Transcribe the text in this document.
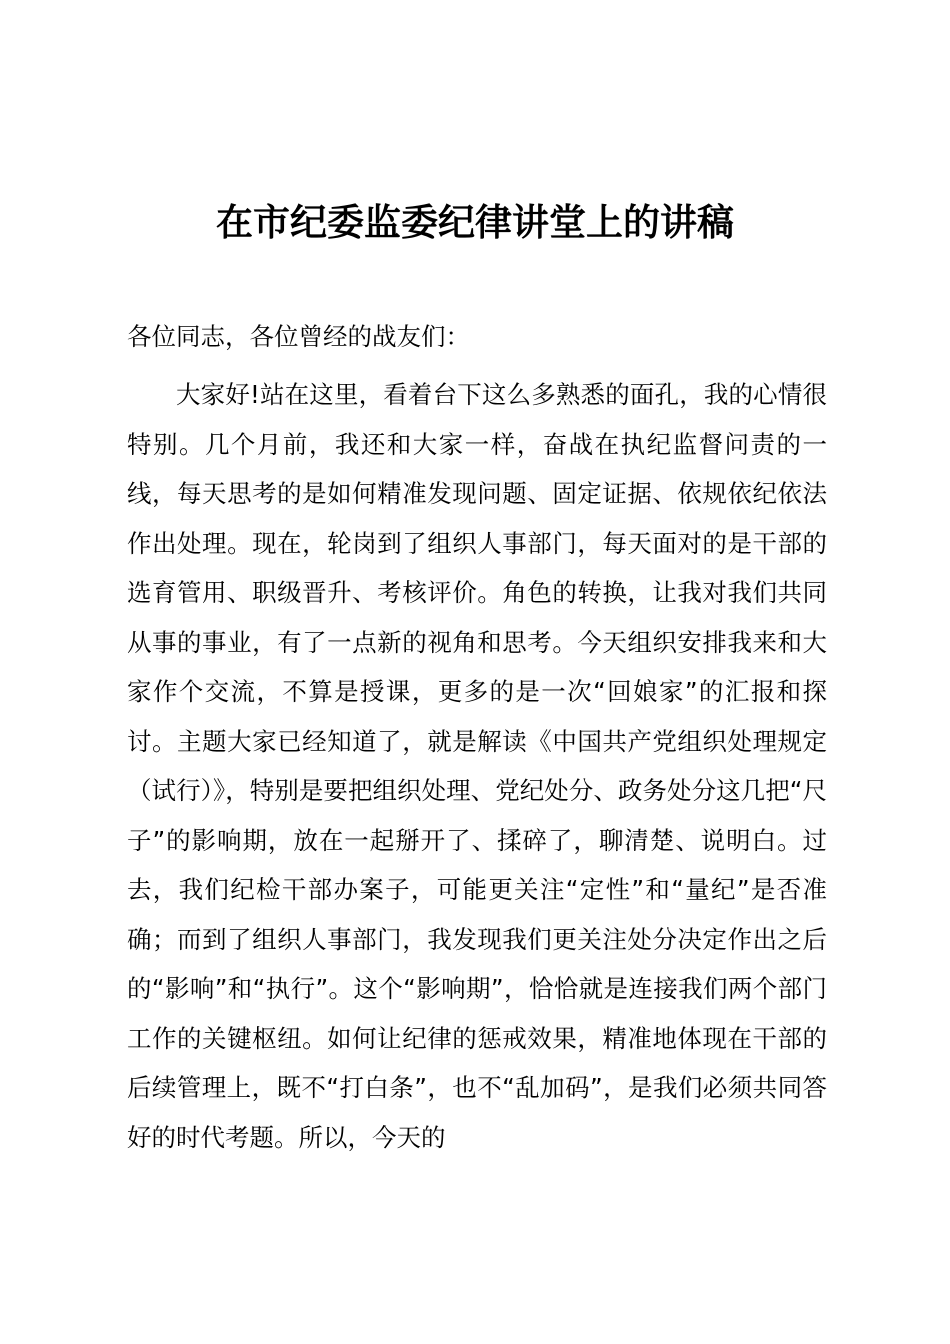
在市纪委监委纪律讲堂上的讲稿
各位同志，各位曾经的战友们：

大家好!站在这里，看着台下这么多熟悉的面孔，我的心情很特别。几个月前，我还和大家一样，奋战在执纪监督问责的一线，每天思考的是如何精准发现问题、固定证据、依规依纪依法作出处理。现在，轮岗到了组织人事部门，每天面对的是干部的选育管用、职级晋升、考核评价。角色的转换，让我对我们共同从事的事业，有了一点新的视角和思考。今天组织安排我来和大家作个交流，不算是授课，更多的是一次“回娘家”的汇报和探讨。主题大家已经知道了，就是解读《中国共产党组织处理规定（试行）》，特别是要把组织处理、党纪处分、政务处分这几把“尺子”的影响期，放在一起掰开了、揉碎了，聊清楚、说明白。过去，我们纪检干部办案子，可能更关注“定性”和“量纪”是否准确；而到了组织人事部门，我发现我们更关注处分决定作出之后的“影响”和“执行”。这个“影响期”，恰恰就是连接我们两个部门工作的关键枢纽。如何让纪律的惩戒效果，精准地体现在干部的后续管理上，既不“打白条”，也不“乱加码”，是我们必须共同答好的时代考题。所以，今天的
